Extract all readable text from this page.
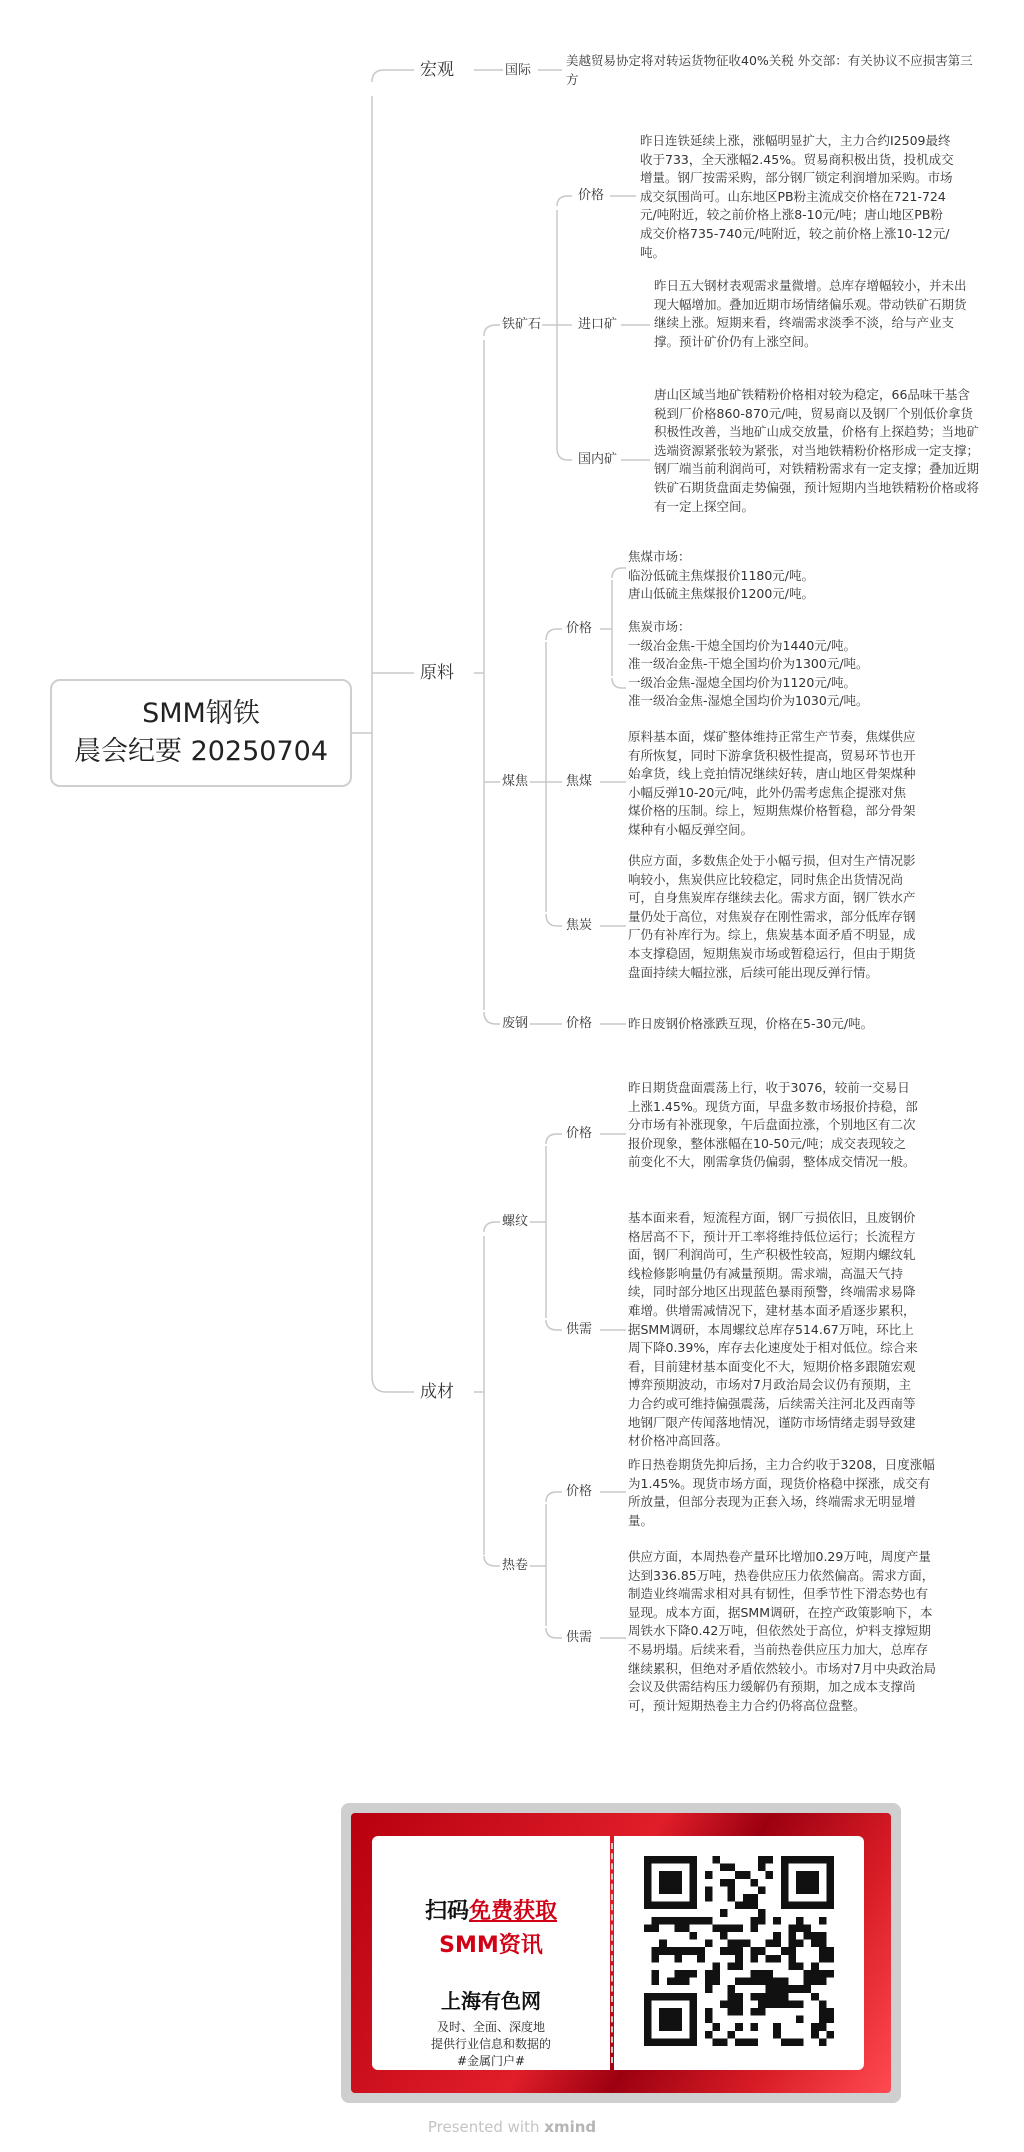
SMM钢铁
晨会纪要 20250704
宏观	国际
美越贸易协定将对转运货物征收40%关税 外交部：有关协议不应损害第三方
原料
铁矿石
价格
昨日连铁延续上涨，涨幅明显扩大，主力合约I2509最终收于733，全天涨幅2.45%。贸易商积极出货，投机成交增量。钢厂按需采购，部分钢厂锁定利润增加采购。市场成交氛围尚可。山东地区PB粉主流成交价格在721-724元/吨附近，较之前价格上涨8-10元/吨；唐山地区PB粉成交价格735-740元/吨附近，较之前价格上涨10-12元/吨。
进口矿
昨日五大钢材表观需求量微增。总库存增幅较小，并未出现大幅增加。叠加近期市场情绪偏乐观。带动铁矿石期货继续上涨。短期来看，终端需求淡季不淡，给与产业支撑。预计矿价仍有上涨空间。
国内矿
唐山区域当地矿铁精粉价格相对较为稳定，66品味干基含税到厂价格860-870元/吨，贸易商以及钢厂个别低价拿货积极性改善，当地矿山成交放量，价格有上探趋势；当地矿选端资源紧张较为紧张，对当地铁精粉价格形成一定支撑；钢厂端当前利润尚可，对铁精粉需求有一定支撑；叠加近期铁矿石期货盘面走势偏强，预计短期内当地铁精粉价格或将有一定上探空间。
煤焦
价格
焦煤市场：
临汾低硫主焦煤报价1180元/吨。
唐山低硫主焦煤报价1200元/吨。
焦炭市场：
一级冶金焦-干熄全国均价为1440元/吨。
准一级冶金焦-干熄全国均价为1300元/吨。
一级冶金焦-湿熄全国均价为1120元/吨。
准一级冶金焦-湿熄全国均价为1030元/吨。
焦煤
原料基本面，煤矿整体维持正常生产节奏，焦煤供应有所恢复，同时下游拿货积极性提高，贸易环节也开始拿货，线上竞拍情况继续好转，唐山地区骨架煤种小幅反弹10-20元/吨，此外仍需考虑焦企提涨对焦煤价格的压制。综上，短期焦煤价格暂稳，部分骨架煤种有小幅反弹空间。
焦炭
供应方面，多数焦企处于小幅亏损，但对生产情况影响较小，焦炭供应比较稳定，同时焦企出货情况尚可，自身焦炭库存继续去化。需求方面，钢厂铁水产量仍处于高位，对焦炭存在刚性需求，部分低库存钢厂仍有补库行为。综上，焦炭基本面矛盾不明显，成本支撑稳固，短期焦炭市场或暂稳运行，但由于期货盘面持续大幅拉涨，后续可能出现反弹行情。
废钢	价格	昨日废钢价格涨跌互现，价格在5-30元/吨。
成材
螺纹
价格
昨日期货盘面震荡上行，收于3076，较前一交易日上涨1.45%。现货方面，早盘多数市场报价持稳，部分市场有补涨现象，午后盘面拉涨，个别地区有二次报价现象，整体涨幅在10-50元/吨；成交表现较之前变化不大，刚需拿货仍偏弱，整体成交情况一般。
供需
基本面来看，短流程方面，钢厂亏损依旧，且废钢价格居高不下，预计开工率将维持低位运行；长流程方面，钢厂利润尚可，生产积极性较高，短期内螺纹轧线检修影响量仍有减量预期。需求端，高温天气持续，同时部分地区出现蓝色暴雨预警，终端需求易降难增。供增需减情况下，建材基本面矛盾逐步累积，据SMM调研，本周螺纹总库存514.67万吨，环比上周下降0.39%，库存去化速度处于相对低位。综合来看，目前建材基本面变化不大，短期价格多跟随宏观博弈预期波动，市场对7月政治局会议仍有预期，主力合约或可维持偏强震荡，后续需关注河北及西南等地钢厂限产传闻落地情况，谨防市场情绪走弱导致建材价格冲高回落。
热卷
价格
昨日热卷期货先抑后扬，主力合约收于3208，日度涨幅为1.45%。现货市场方面，现货价格稳中探涨，成交有所放量，但部分表现为正套入场，终端需求无明显增量。
供应方面，本周热卷产量环比增加0.29万吨，周度产量达到336.85万吨，热卷供应压力依然偏高。需求方面，制造业终端需求相对具有韧性，但季节性下滑态势也有显现。成本方面，据SMM调研，在控产政策影响下，本周铁水下降0.42万吨，但依然处于高位，炉料支撑短期不易坍塌。后续来看，当前热卷供应压力加大，总库存继续累积，但绝对矛盾依然较小。市场对7月中央政治局会议及供需结构压力缓解仍有预期，加之成本支撑尚可，预计短期热卷主力合约仍将高位盘整。
供需
扫码免费获取
SMM资讯
上海有色网
及时、全面、深度地
提供行业信息和数据的
#金属门户#
Presented with xmind
